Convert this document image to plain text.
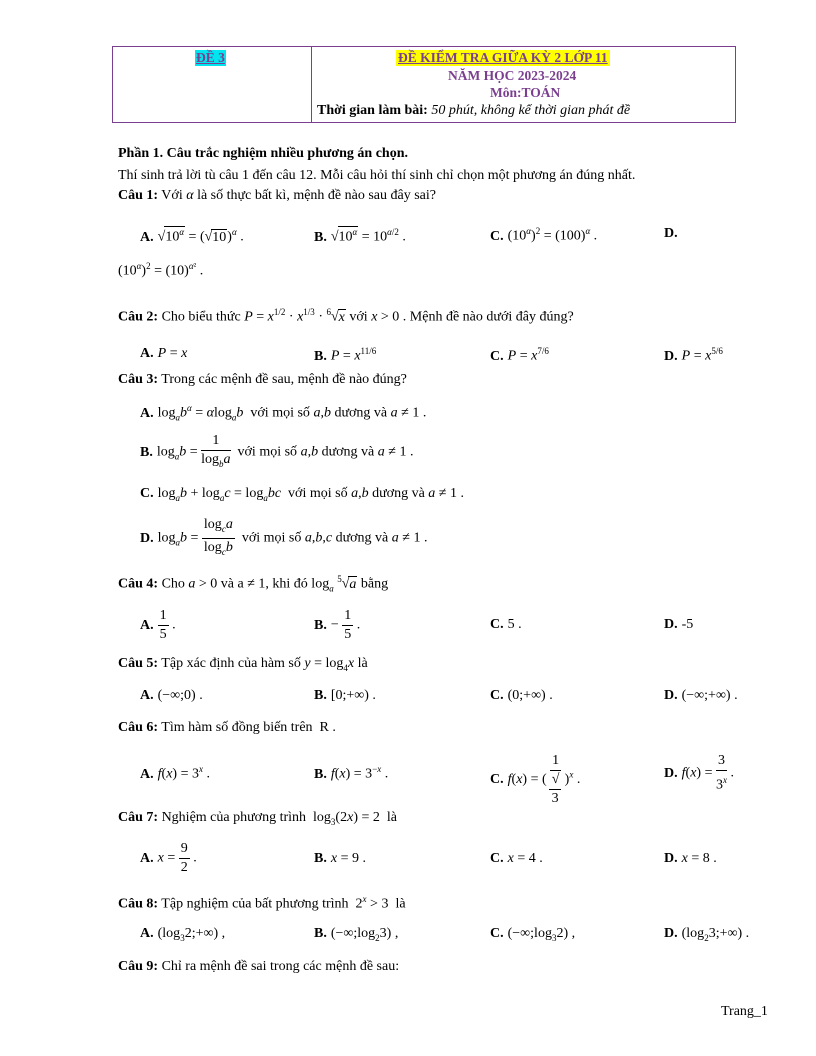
ĐỀ 3	ĐỀ KIỂM TRA GIỮA KỲ 2 LỚP 11
NĂM HỌC 2023-2024
Môn:TOÁN
Thời gian làm bài: 50 phút, không kể thời gian phát đề
Phần 1. Câu trắc nghiệm nhiều phương án chọn.
Thí sinh trả lời tù câu 1 đến câu 12. Mỗi câu hỏi thí sinh chỉ chọn một phương án đúng nhất.
Câu 1: Với α là số thực bất kì, mệnh đề nào sau đây sai?
A. $√10^\alpha = (√10)^\alpha$ .	B. $√10^\alpha = 10^{\alpha/2}$ .	C. $(10^\alpha)^2 = (100)^\alpha$ .	D.
$(10^\alpha)^2 = (10)^{\alpha^2}$ .
Câu 2: Cho biểu thức $P = x^{1/2} \cdot x^{1/3} \cdot ^6√x$ với x > 0 . Mệnh đề nào dưới đây đúng?
A. P = x	B. $P = x^{11/6}$	C. $P = x^{7/6}$	D. $P = x^{5/6}$
Câu 3: Trong các mệnh đề sau, mệnh đề nào đúng?
A. $\log_ab^\alpha = \alpha\log_ab$  với mọi số a,b dương và a ≠ 1 .
B. $\log_ab = \frac{1}{\log_ba}$ với mọi số a,b dương và a ≠ 1 .
C. $\log_ab + \log_ac = \log_abc$  với mọi số a,b dương và a ≠ 1 .
D. $\log_ab = \frac{\log_ca}{\log_cb}$ với mọi số a,b,c dương và a ≠ 1 .
Câu 4: Cho a > 0 và a ≠ 1, khi đó $\log_a ^5√a$ bằng
A. $\frac{1}{5}$ .	B. − $\frac{1}{5}$ .	C. 5 .	D. -5
Câu 5: Tập xác định của hàm số $y = \log_4x$ là
A. (−∞;0) .	B. [0;+∞) .	C. (0;+∞) .	D. (−∞;+∞) .
Câu 6: Tìm hàm số đồng biến trên  R .
A. $f(x) = 3^x$ .	B. $f(x) = 3^{-x}$ .	C. f(x) = ( 1
√
3 )$^x$ .	D. $f(x) = \frac{3}{3^x}$ .
Câu 7: Nghiệm của phương trình  $\log_3(2x) = 2$  là
A. $x = \frac{9}{2}$ .	B. x = 9 .	C. x = 4 .	D. x = 8 .
Câu 8: Tập nghiệm của bất phương trình  $2^x > 3$  là
A. $(\log_32;+\infty)$ ,	B. $(-\infty;\log_23)$ ,	C. $(-\infty;\log_32)$ ,	D. $(\log_23;+\infty)$ .
Câu 9: Chỉ ra mệnh đề sai trong các mệnh đề sau:
Trang_1
